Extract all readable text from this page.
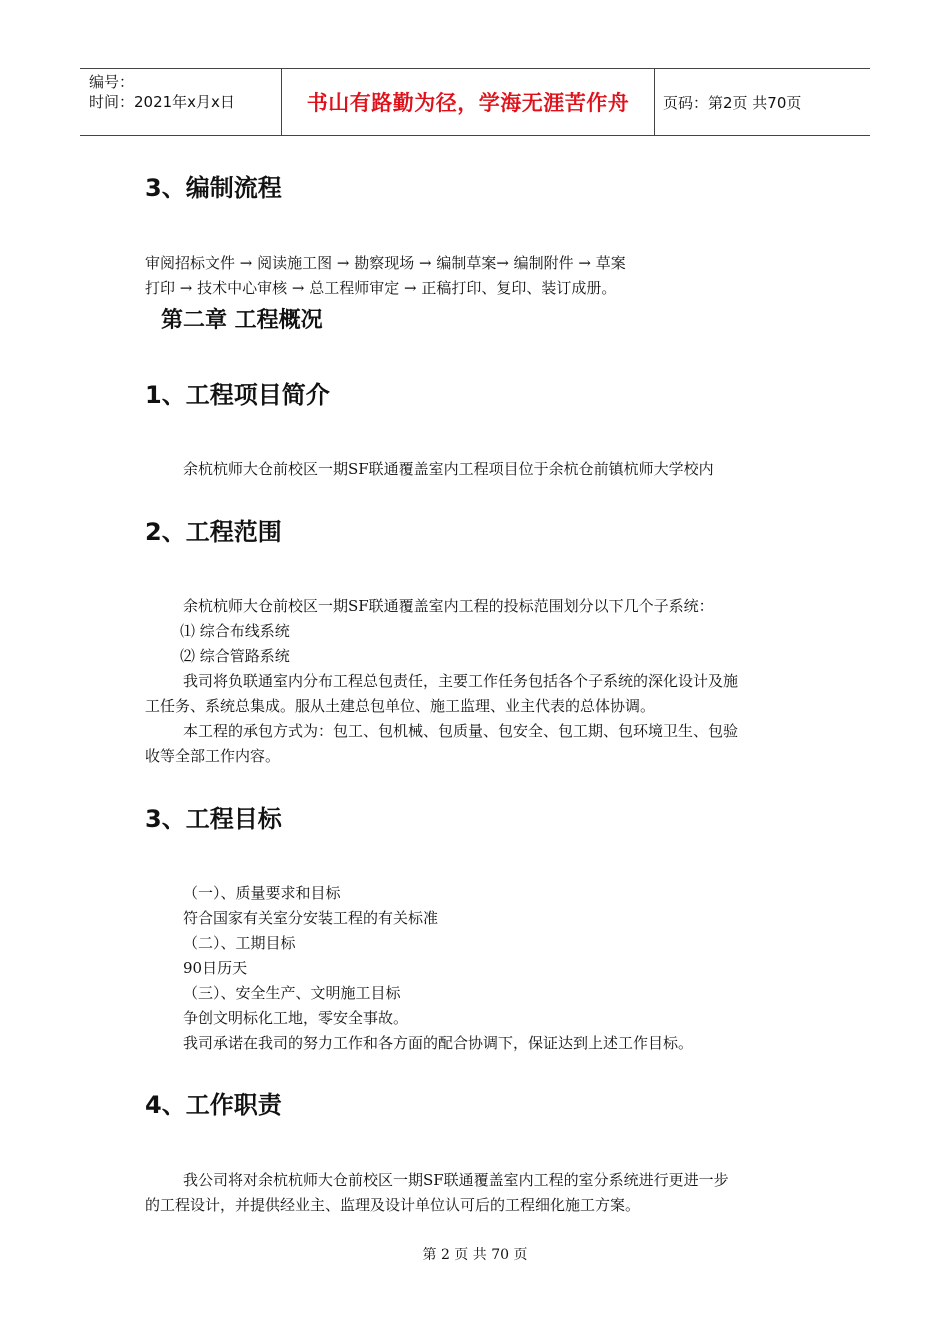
编号：
时间：2021年x月x日	书山有路勤为径，学海无涯苦作舟	页码：第2页 共70页
3、编制流程
审阅招标文件 → 阅读施工图 → 勘察现场 → 编制草案→ 编制附件 → 草案
打印 → 技术中心审核 → 总工程师审定 → 正稿打印、复印、装订成册。
第二章 工程概况
1、工程项目简介
余杭杭师大仓前校区一期SF联通覆盖室内工程项目位于余杭仓前镇杭师大学校内
2、工程范围
余杭杭师大仓前校区一期SF联通覆盖室内工程的投标范围划分以下几个子系统：
⑴ 综合布线系统
⑵ 综合管路系统
我司将负联通室内分布工程总包责任，主要工作任务包括各个子系统的深化设计及施
工任务、系统总集成。服从土建总包单位、施工监理、业主代表的总体协调。
本工程的承包方式为：包工、包机械、包质量、包安全、包工期、包环境卫生、包验
收等全部工作内容。
3、工程目标
（一）、质量要求和目标
符合国家有关室分安装工程的有关标准
（二）、工期目标
90日历天
（三）、安全生产、文明施工目标
争创文明标化工地，零安全事故。
我司承诺在我司的努力工作和各方面的配合协调下，保证达到上述工作目标。
4、工作职责
我公司将对余杭杭师大仓前校区一期SF联通覆盖室内工程的室分系统进行更进一步
的工程设计，并提供经业主、监理及设计单位认可后的工程细化施工方案。
第 2 页 共 70 页
